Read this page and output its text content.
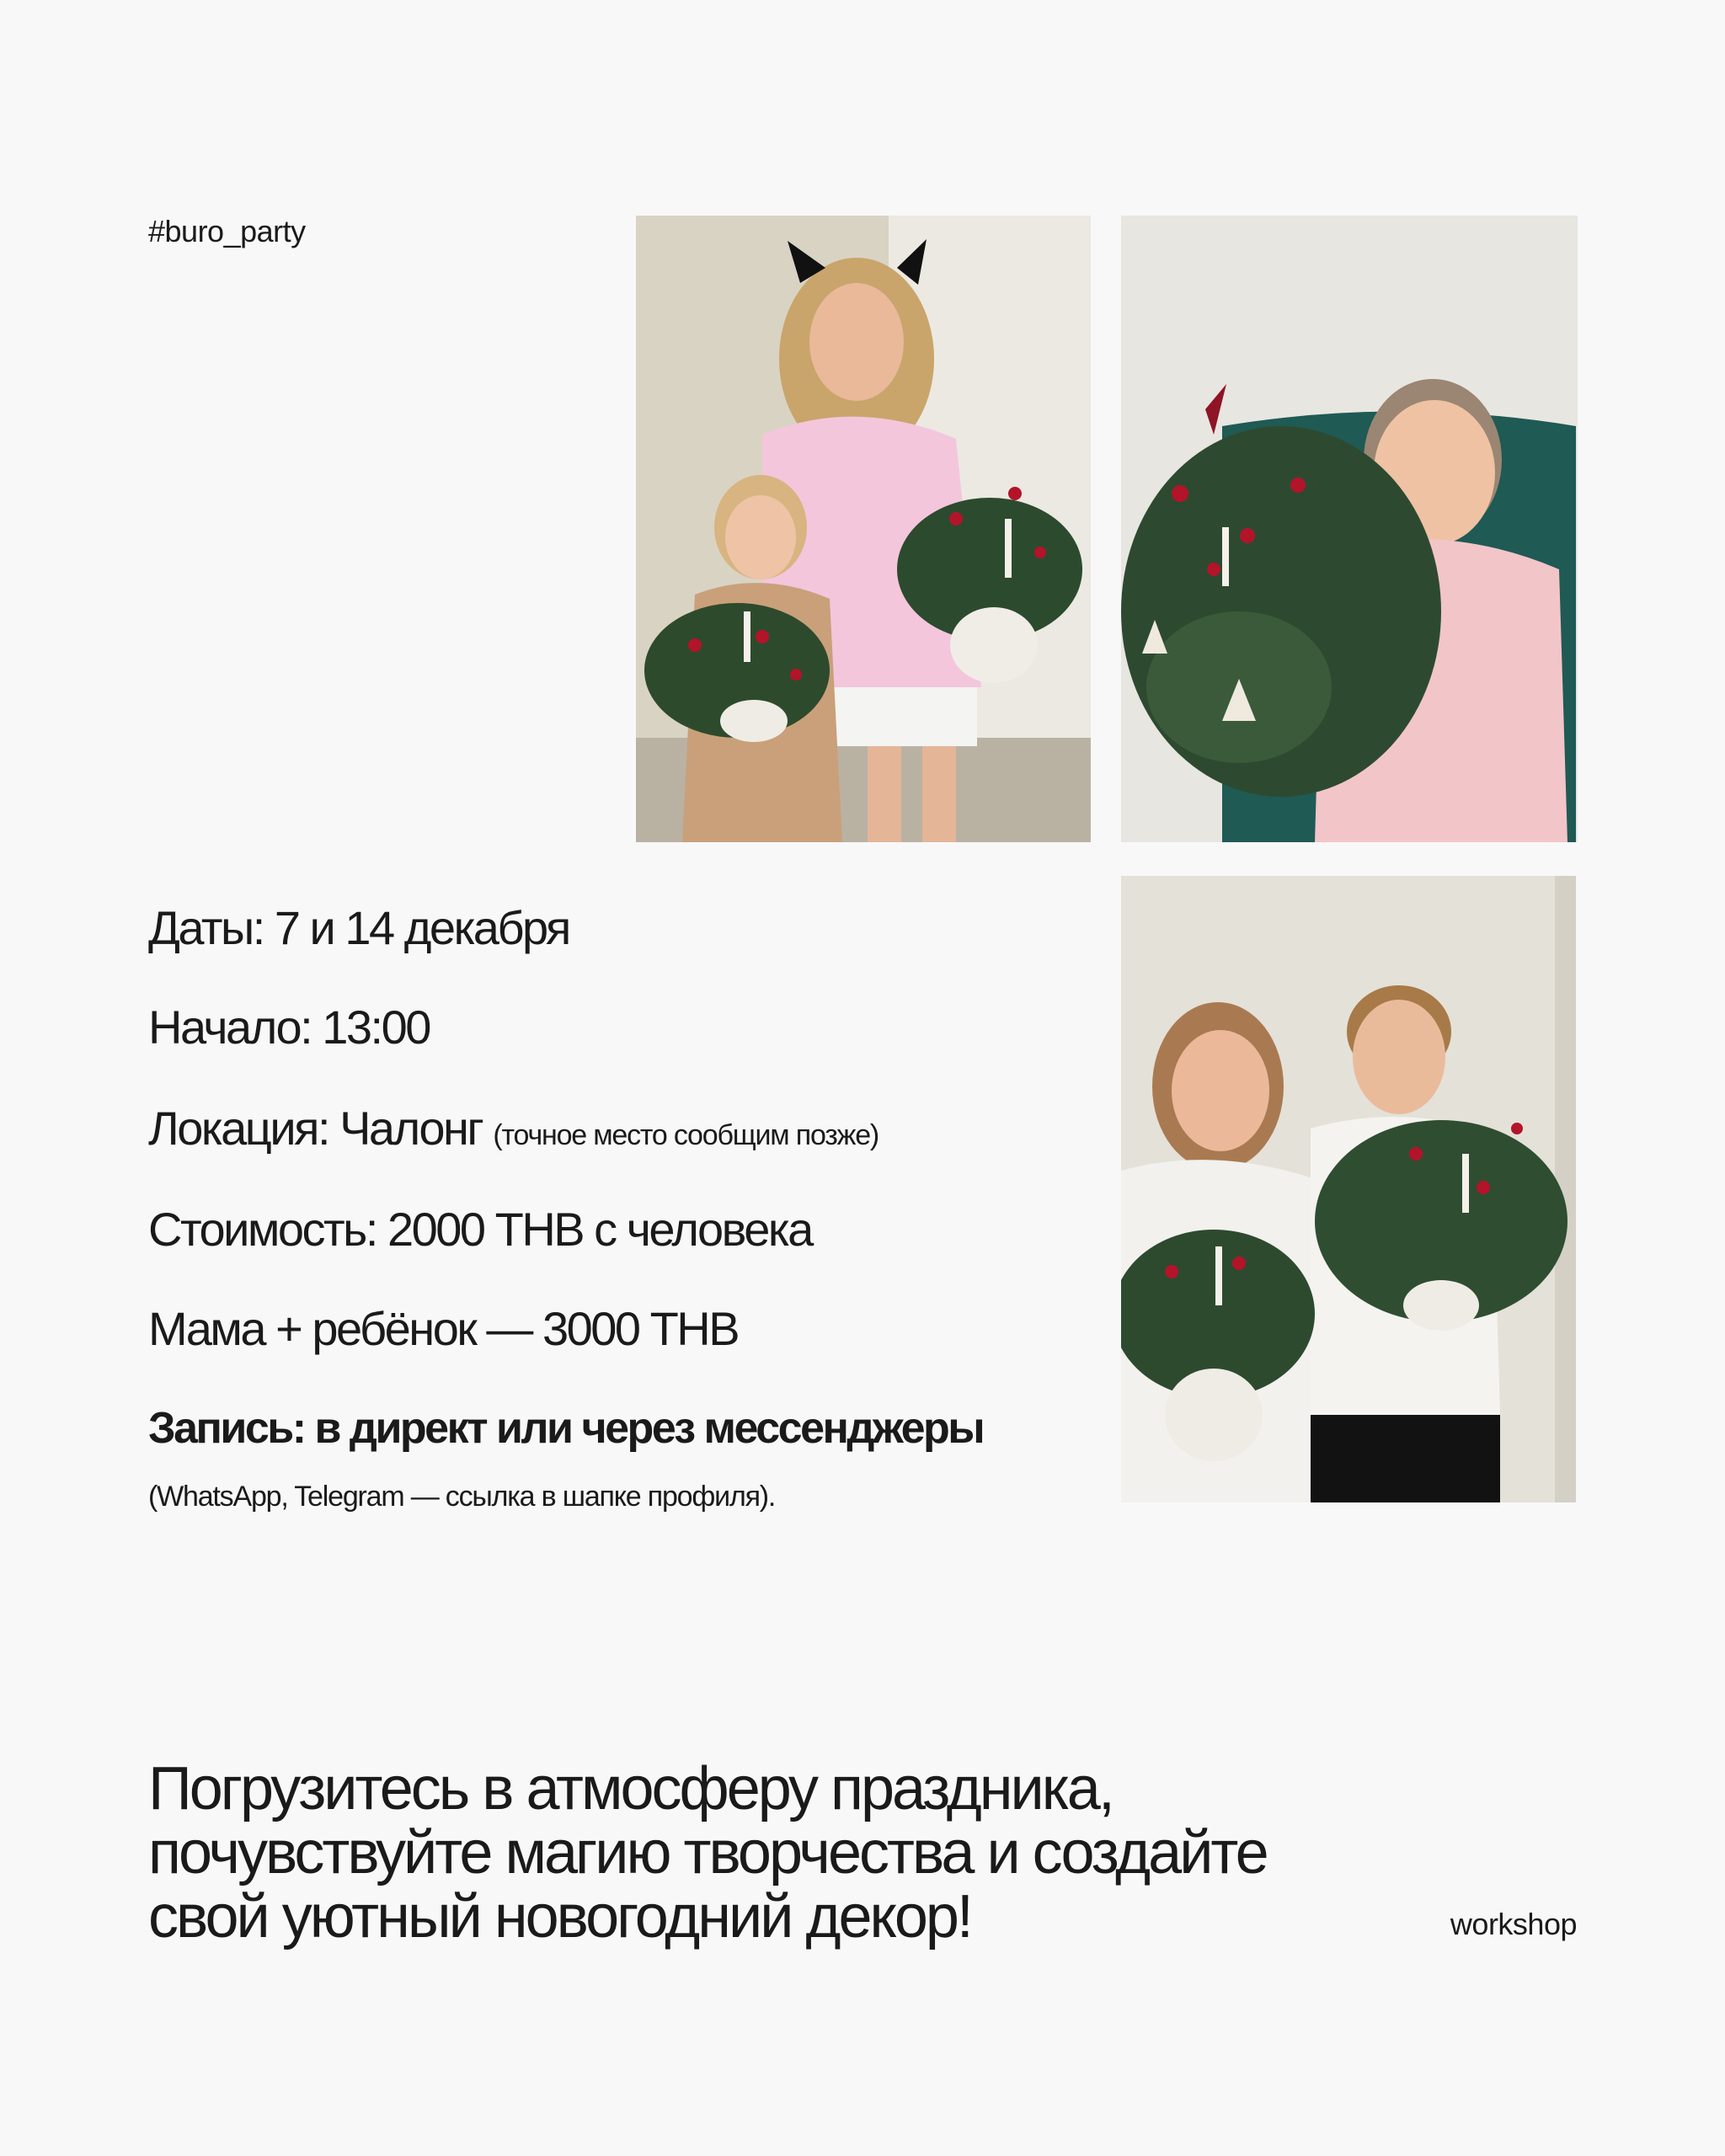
#buro_party
Даты: 7 и 14 декабря
Начало: 13:00
Локация: Чалонг (точное место сообщим позже)
Стоимость: 2000 THB с человека
Мама + ребёнок — 3000 THB
Запись: в директ или через мессенджеры
(WhatsApp, Telegram — ссылка в шапке профиля).
Погрузитесь в атмосферу праздника,
почувствуйте магию творчества и создайте
свой уютный новогодний декор!	workshop
